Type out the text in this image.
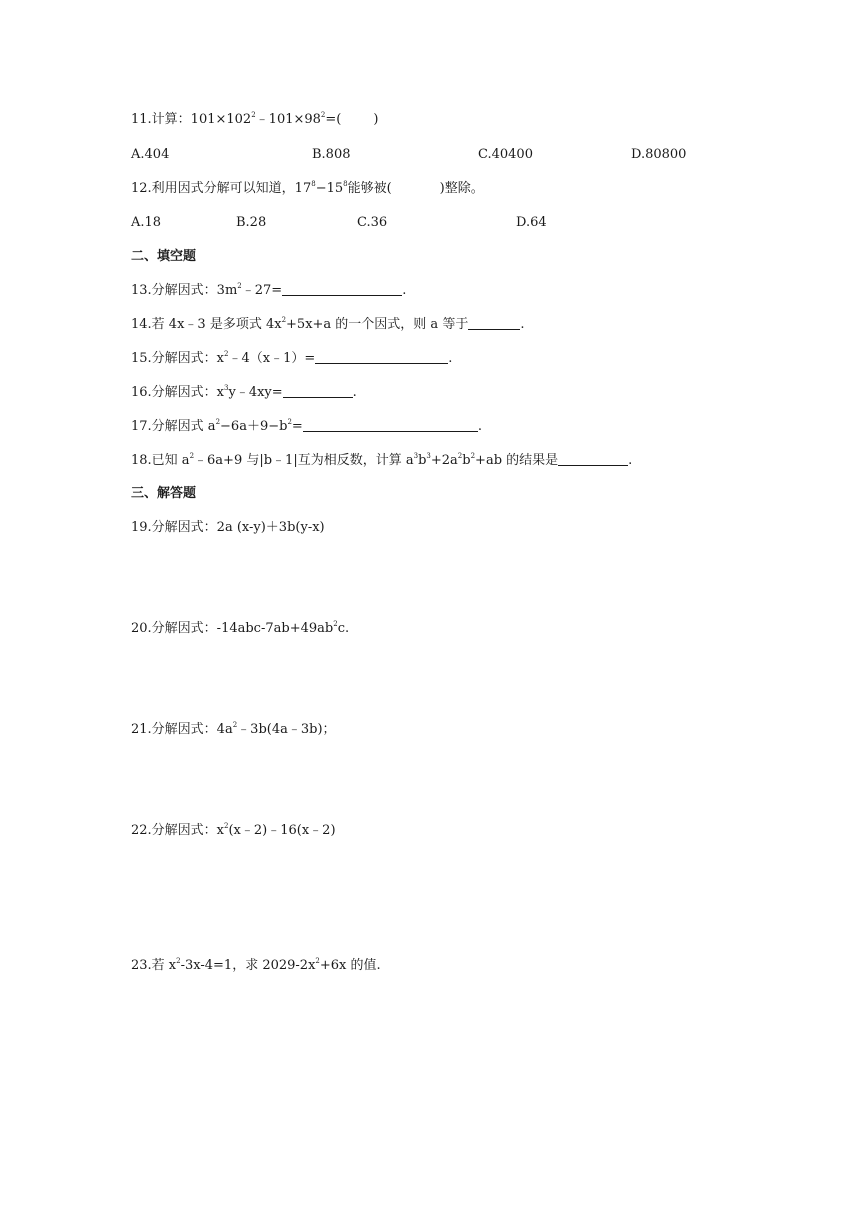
11.计算：$101\times 102^2﹣101\times 98^2=$( )
A.404	B.808	C.40400	D.80800
12.利用因式分解可以知道，$17^8-15^8$能够被(	)整除。
A.18	B.28	C.36	D.64
二、填空题
13.分解因式：$3m^2﹣27=$	.
14.若 4x﹣3 是多项式 $4x^2+5x+a$ 的一个因式，则 a 等于	.
15.分解因式：$x^2﹣4(x﹣1)=$	.
16.分解因式：$x^3y﹣4xy=$	.
17.分解因式 $a^2-6a+9-b^2=$	.
18.已知 $a^2﹣6a+9$ 与|b﹣1|互为相反数，计算 $a^3b^3+2a^2b^2+ab$ 的结果是	.
三、解答题
19.分解因式：2a (x-y)＋3b(y-x)
20.分解因式：$-14abc-7ab+49ab^2c$.
21.分解因式：$4a^2﹣3b(4a﹣3b)$；
22.分解因式：$x^2(x﹣2)﹣16(x﹣2)$
23.若 $x^2-3x-4=1$，求 $2029-2x^2+6x$ 的值.
